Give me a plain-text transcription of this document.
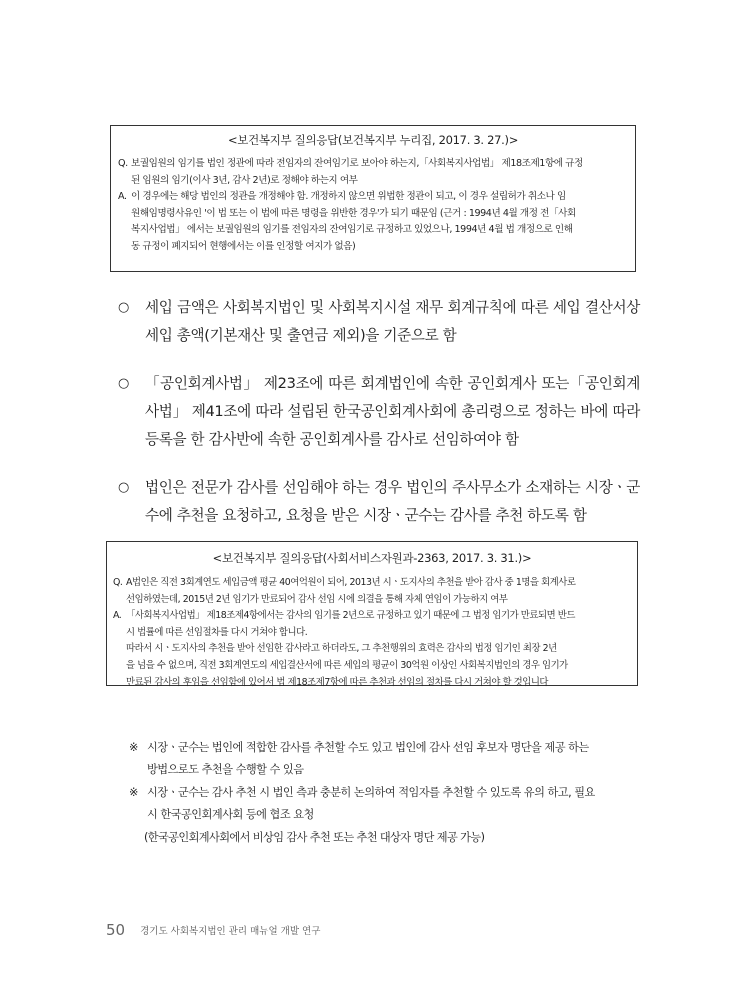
<보건복지부 질의응답(보건복지부 누리집, 2017. 3. 27.)>
Q. 보궐임원의 임기를 법인 정관에 따라 전임자의 잔여임기로 보아야 하는지,「사회복지사업법」 제18조제1항에 규정
된 임원의 임기(이사 3년, 감사 2년)로 정해야 하는지 여부
A. 이 경우에는 해당 법인의 정관을 개정해야 함. 개정하지 않으면 위법한 정관이 되고, 이 경우 설립허가 취소나 임
원해임명령사유인 '이 법 또는 이 법에 따른 명령을 위반한 경우'가 되기 때문임 (근거 : 1994년 4월 개정 전「사회
복지사업법」 에서는 보궐임원의 임기를 전임자의 잔여임기로 규정하고 있었으나, 1994년 4월 법 개정으로 인해
동 규정이 폐지되어 현행에서는 이를 인정할 여지가 없음)
○	세입 금액은 사회복지법인 및 사회복지시설 재무 회계규칙에 따른 세입 결산서상 세입 총액(기본재산 및 출연금 제외)을 기준으로 함
○	「공인회계사법」 제23조에 따른 회계법인에 속한 공인회계사 또는「공인회계사법」 제41조에 따라 설립된 한국공인회계사회에 총리령으로 정하는 바에 따라 등록을 한 감사반에 속한 공인회계사를 감사로 선임하여야 함
○	법인은 전문가 감사를 선임해야 하는 경우 법인의 주사무소가 소재하는 시장ㆍ군수에 추천을 요청하고, 요청을 받은 시장ㆍ군수는 감사를 추천 하도록 함
<보건복지부 질의응답(사회서비스자원과-2363, 2017. 3. 31.)>
Q. A법인은 직전 3회계연도 세입금액 평균 40여억원이 되어, 2013년 시ㆍ도지사의 추천을 받아 감사 중 1명을 회계사로
선임하였는데, 2015년 2년 임기가 만료되어 감사 선임 시에 의결을 통해 자체 연임이 가능하지 여부
A. 「사회복지사업법」 제18조제4항에서는 감사의 임기를 2년으로 규정하고 있기 때문에 그 법정 임기가 만료되면 반드
시 법률에 따른 선임절차를 다시 거쳐야 합니다.
따라서 시ㆍ도지사의 추천을 받아 선임한 감사라고 하더라도, 그 추천행위의 효력은 감사의 법정 임기인 최장 2년
을 넘을 수 없으며, 직전 3회계연도의 세입결산서에 따른 세입의 평균이 30억원 이상인 사회복지법인의 경우 임기가
만료된 감사의 후임을 선임함에 있어서 법 제18조제7항에 따른 추천과 선임의 절차를 다시 거쳐야 할 것입니다
※ 시장ㆍ군수는 법인에 적합한 감사를 추천할 수도 있고 법인에 감사 선임 후보자 명단을 제공 하는
방법으로도 추천을 수행할 수 있음
※ 시장ㆍ군수는 감사 추천 시 법인 측과 충분히 논의하여 적임자를 추천할 수 있도록 유의 하고, 필요
시 한국공인회계사회 등에 협조 요청
(한국공인회계사회에서 비상임 감사 추천 또는 추천 대상자 명단 제공 가능)
50 경기도 사회복지법인 관리 매뉴얼 개발 연구
